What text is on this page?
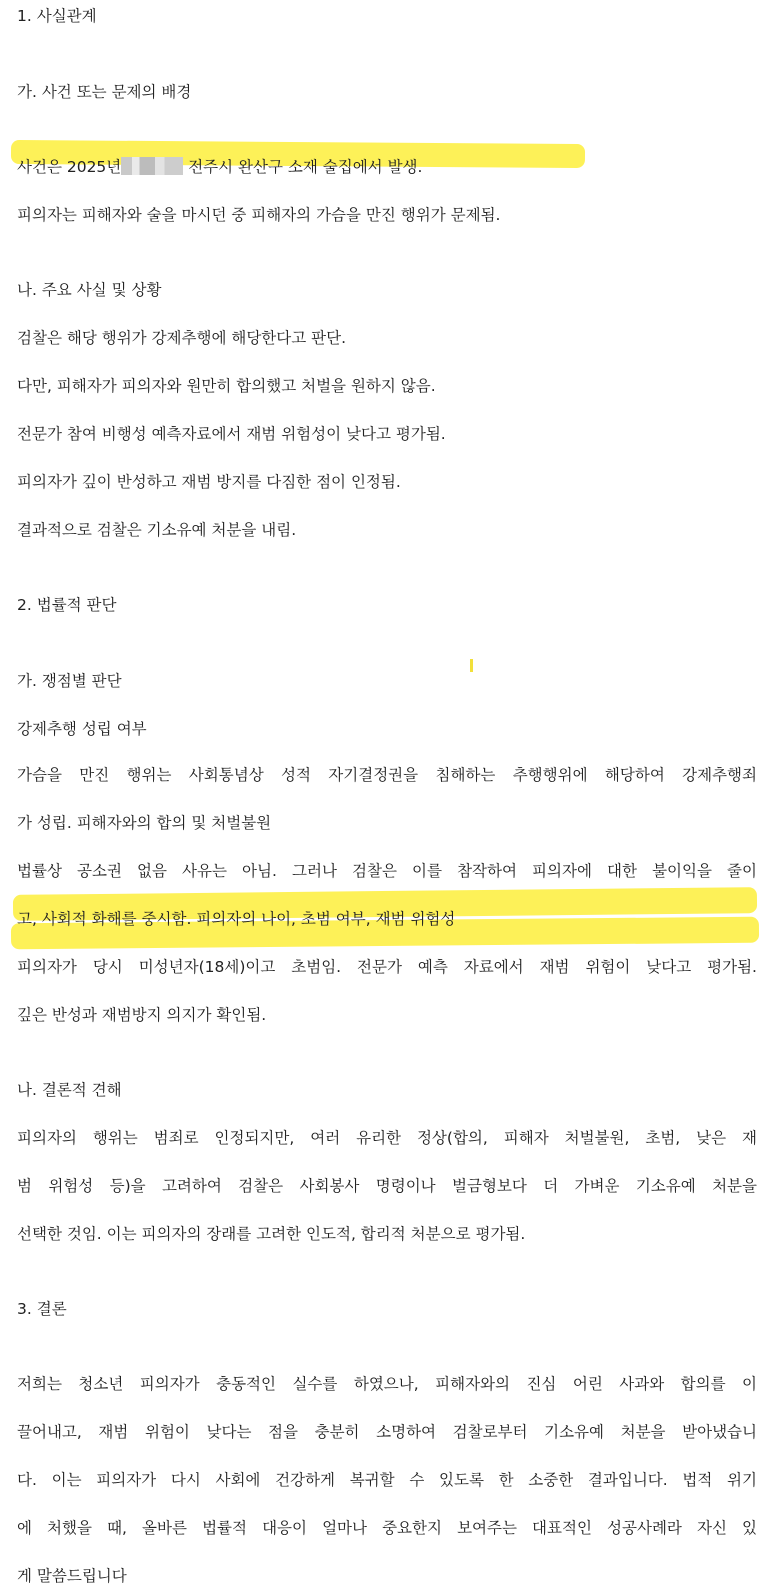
1. 사실관계
가. 사건 또는 문제의 배경
사건은 2025년	전주시 완산구 소재 술집에서 발생.
피의자는 피해자와 술을 마시던 중 피해자의 가슴을 만진 행위가 문제됨.
나. 주요 사실 및 상황
검찰은 해당 행위가 강제추행에 해당한다고 판단.
다만, 피해자가 피의자와 원만히 합의했고 처벌을 원하지 않음.
전문가 참여 비행성 예측자료에서 재범 위험성이 낮다고 평가됨.
피의자가 깊이 반성하고 재범 방지를 다짐한 점이 인정됨.
결과적으로 검찰은 기소유예 처분을 내림.
2. 법률적 판단
가. 쟁점별 판단
강제추행 성립 여부
가슴을 만진 행위는 사회통념상 성적 자기결정권을 침해하는 추행행위에 해당하여 강제추행죄
가 성립. 피해자와의 합의 및 처벌불원
법률상 공소권 없음 사유는 아님. 그러나 검찰은 이를 참작하여 피의자에 대한 불이익을 줄이
고, 사회적 화해를 중시함. 피의자의 나이, 초범 여부, 재범 위험성
피의자가 당시 미성년자(18세)이고 초범임. 전문가 예측 자료에서 재범 위험이 낮다고 평가됨.
깊은 반성과 재범방지 의지가 확인됨.
나. 결론적 견해
피의자의 행위는 범죄로 인정되지만, 여러 유리한 정상(합의, 피해자 처벌불원, 초범, 낮은 재
범 위험성 등)을 고려하여 검찰은 사회봉사 명령이나 벌금형보다 더 가벼운 기소유예 처분을
선택한 것임. 이는 피의자의 장래를 고려한 인도적, 합리적 처분으로 평가됨.
3. 결론
저희는 청소년 피의자가 충동적인 실수를 하였으나, 피해자와의 진심 어린 사과와 합의를 이
끌어내고, 재범 위험이 낮다는 점을 충분히 소명하여 검찰로부터 기소유예 처분을 받아냈습니
다. 이는 피의자가 다시 사회에 건강하게 복귀할 수 있도록 한 소중한 결과입니다. 법적 위기
에 처했을 때, 올바른 법률적 대응이 얼마나 중요한지 보여주는 대표적인 성공사례라 자신 있
게 말씀드립니다
